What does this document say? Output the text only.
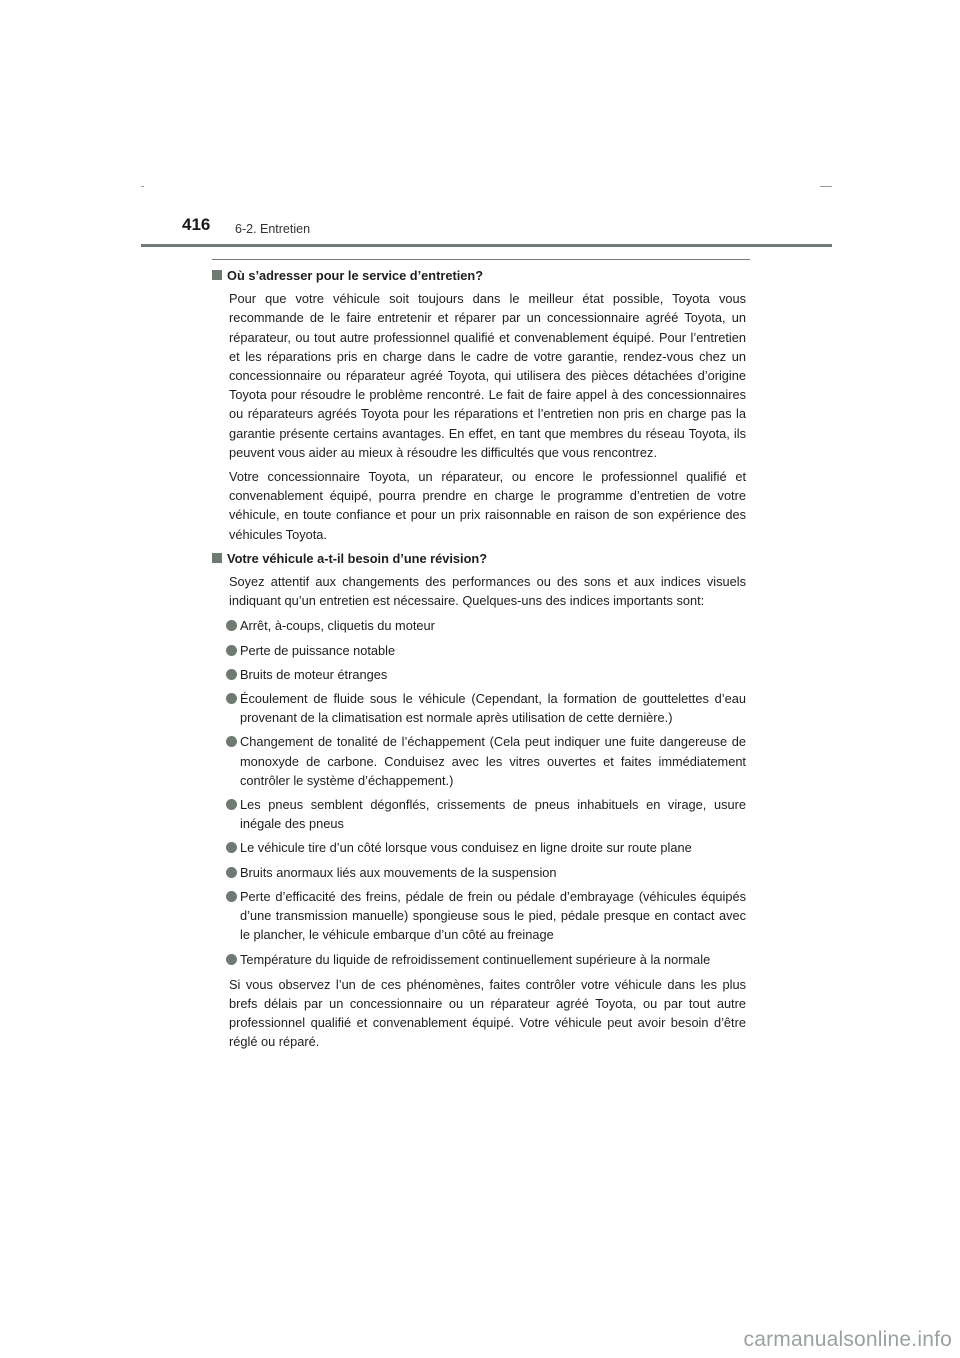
416 6-2. Entretien
Où s’adresser pour le service d’entretien?

Pour que votre véhicule soit toujours dans le meilleur état possible, Toyota vous recommande de le faire entretenir et réparer par un concessionnaire agréé Toyota, un réparateur, ou tout autre professionnel qualifié et convenablement équipé. Pour l’entretien et les réparations pris en charge dans le cadre de votre garantie, rendez-vous chez un concessionnaire ou réparateur agréé Toyota, qui utilisera des pièces détachées d’origine Toyota pour résoudre le problème rencontré. Le fait de faire appel à des concessionnaires ou réparateurs agréés Toyota pour les réparations et l’entretien non pris en charge pas la garantie présente certains avantages. En effet, en tant que membres du réseau Toyota, ils peuvent vous aider au mieux à résoudre les difficultés que vous rencontrez.

Votre concessionnaire Toyota, un réparateur, ou encore le professionnel qualifié et convenablement équipé, pourra prendre en charge le programme d’entretien de votre véhicule, en toute confiance et pour un prix raisonnable en raison de son expérience des véhicules Toyota.

Votre véhicule a-t-il besoin d’une révision?

Soyez attentif aux changements des performances ou des sons et aux indices visuels indiquant qu’un entretien est nécessaire. Quelques-uns des indices importants sont:

Arrêt, à-coups, cliquetis du moteur
Perte de puissance notable
Bruits de moteur étranges
Écoulement de fluide sous le véhicule (Cependant, la formation de gouttelettes d’eau provenant de la climatisation est normale après utilisation de cette dernière.)
Changement de tonalité de l’échappement (Cela peut indiquer une fuite dangereuse de monoxyde de carbone. Conduisez avec les vitres ouvertes et faites immédiatement contrôler le système d’échappement.)
Les pneus semblent dégonflés, crissements de pneus inhabituels en virage, usure inégale des pneus
Le véhicule tire d’un côté lorsque vous conduisez en ligne droite sur route plane
Bruits anormaux liés aux mouvements de la suspension
Perte d’efficacité des freins, pédale de frein ou pédale d’embrayage (véhicules équipés d’une transmission manuelle) spongieuse sous le pied, pédale presque en contact avec le plancher, le véhicule embarque d’un côté au freinage
Température du liquide de refroidissement continuellement supérieure à la normale

Si vous observez l’un de ces phénomènes, faites contrôler votre véhicule dans les plus brefs délais par un concessionnaire ou un réparateur agréé Toyota, ou par tout autre professionnel qualifié et convenablement équipé. Votre véhicule peut avoir besoin d’être réglé ou réparé.

carmanualsonline.info
